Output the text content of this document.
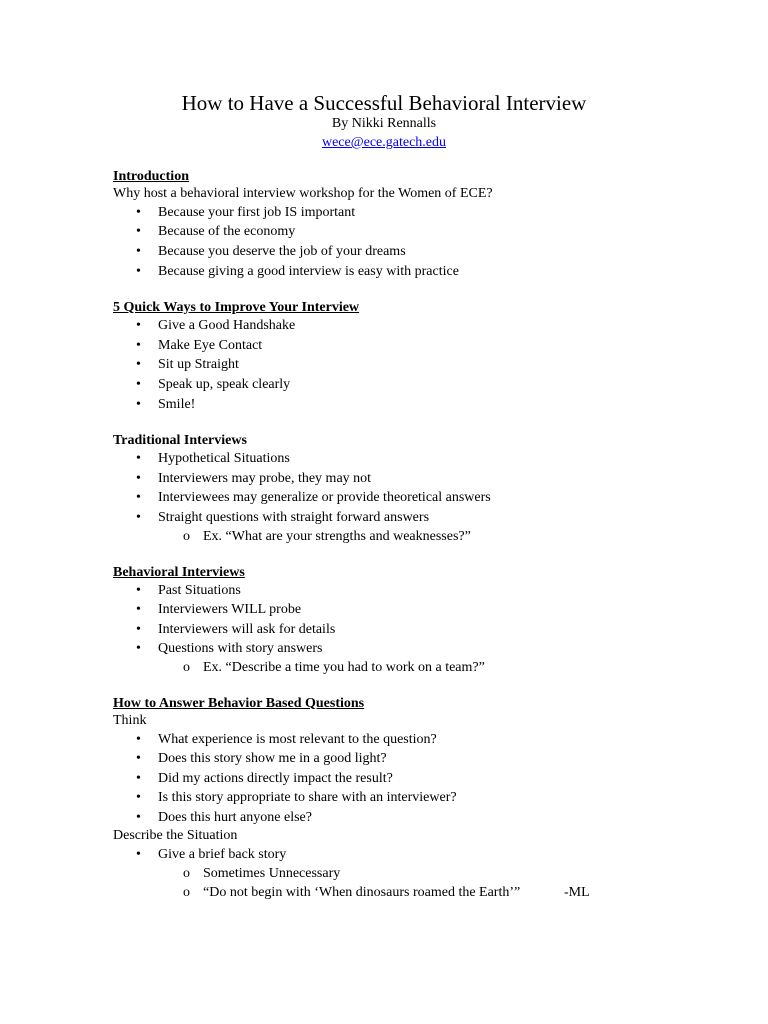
How to Have a Successful Behavioral Interview
By Nikki Rennalls
wece@ece.gatech.edu
Introduction
Why host a behavioral interview workshop for the Women of ECE?
• Because your first job IS important
• Because of the economy
• Because you deserve the job of your dreams
• Because giving a good interview is easy with practice
5 Quick Ways to Improve Your Interview
• Give a Good Handshake
• Make Eye Contact
• Sit up Straight
• Speak up, speak clearly
• Smile!
Traditional Interviews
• Hypothetical Situations
• Interviewers may probe, they may not
• Interviewees may generalize or provide theoretical answers
• Straight questions with straight forward answers
o Ex. “What are your strengths and weaknesses?”
Behavioral Interviews
• Past Situations
• Interviewers WILL probe
• Interviewers will ask for details
• Questions with story answers
o Ex. “Describe a time you had to work on a team?”
How to Answer Behavior Based Questions
Think
• What experience is most relevant to the question?
• Does this story show me in a good light?
• Did my actions directly impact the result?
• Is this story appropriate to share with an interviewer?
• Does this hurt anyone else?
Describe the Situation
• Give a brief back story
o Sometimes Unnecessary
o “Do not begin with ‘When dinosaurs roamed the Earth’”	-ML
